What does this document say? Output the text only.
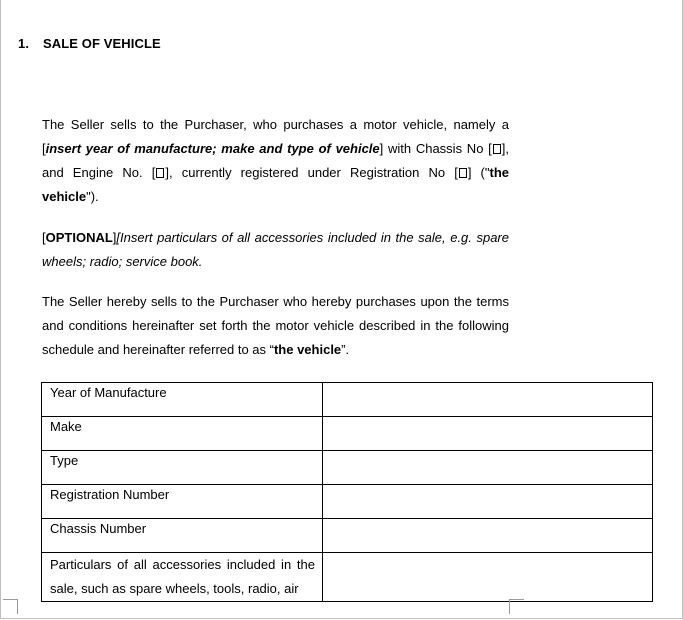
1. SALE OF VEHICLE

The Seller sells to the Purchaser, who purchases a motor vehicle, namely a [insert year of manufacture; make and type of vehicle] with Chassis No [ ], and Engine No. [ ], currently registered under Registration No [ ] ("the vehicle").

[OPTIONAL][Insert particulars of all accessories included in the sale, e.g. spare wheels; radio; service book.

The Seller hereby sells to the Purchaser who hereby purchases upon the terms and conditions hereinafter set forth the motor vehicle described in the following schedule and hereinafter referred to as “the vehicle”.

Year of Manufacture	
Make	
Type	
Registration Number	
Chassis Number	
Particulars of all accessories included in the sale, such as spare wheels, tools, radio, air	
